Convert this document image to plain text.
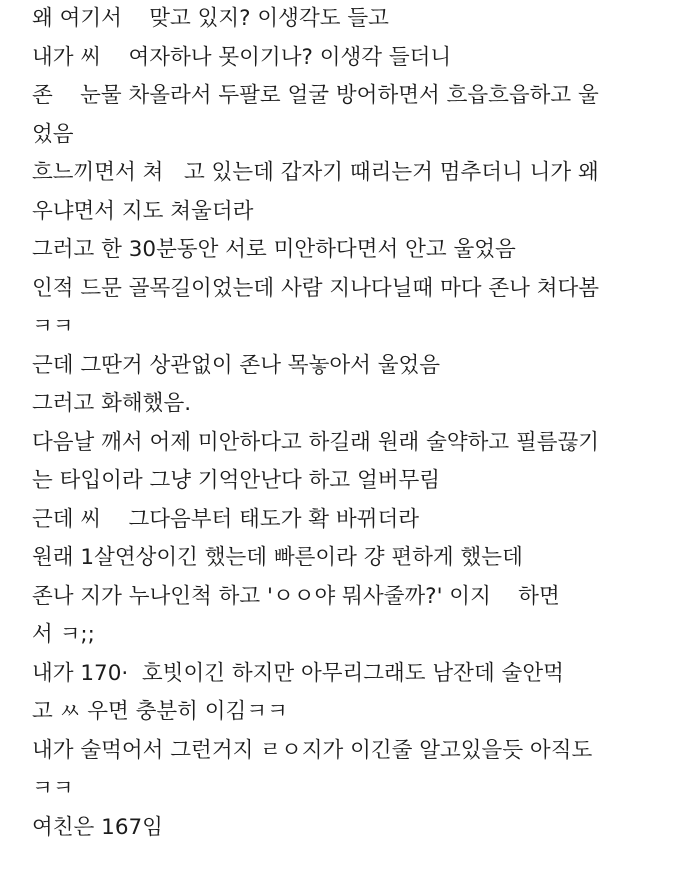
왜 여기서    맞고 있지? 이생각도 들고
내가 씨    여자하나 못이기나? 이생각 들더니
존    눈물 차올라서 두팔로 얼굴 방어하면서 흐읍흐읍하고 울
었음
흐느끼면서 쳐   고 있는데 갑자기 때리는거 멈추더니 니가 왜
우냐면서 지도 쳐울더라
그러고 한 30분동안 서로 미안하다면서 안고 울었음
인적 드문 골목길이었는데 사람 지나다닐때 마다 존나 쳐다봄
ㅋㅋ
근데 그딴거 상관없이 존나 목놓아서 울었음
그러고 화해했음.
다음날 깨서 어제 미안하다고 하길래 원래 술약하고 필름끊기
는 타입이라 그냥 기억안난다 하고 얼버무림
근데 씨    그다음부터 태도가 확 바뀌더라
원래 1살연상이긴 했는데 빠른이라 걍 편하게 했는데
존나 지가 누나인척 하고 'ㅇㅇ야 뭐사줄까?' 이지    하면
서 ㅋ;;
내가 170·  호빗이긴 하지만 아무리그래도 남잔데 술안먹
고 ㅆ 우면 충분히 이김ㅋㅋ
내가 술먹어서 그런거지 ㄹㅇ지가 이긴줄 알고있을듯 아직도
ㅋㅋ
여친은 167임
